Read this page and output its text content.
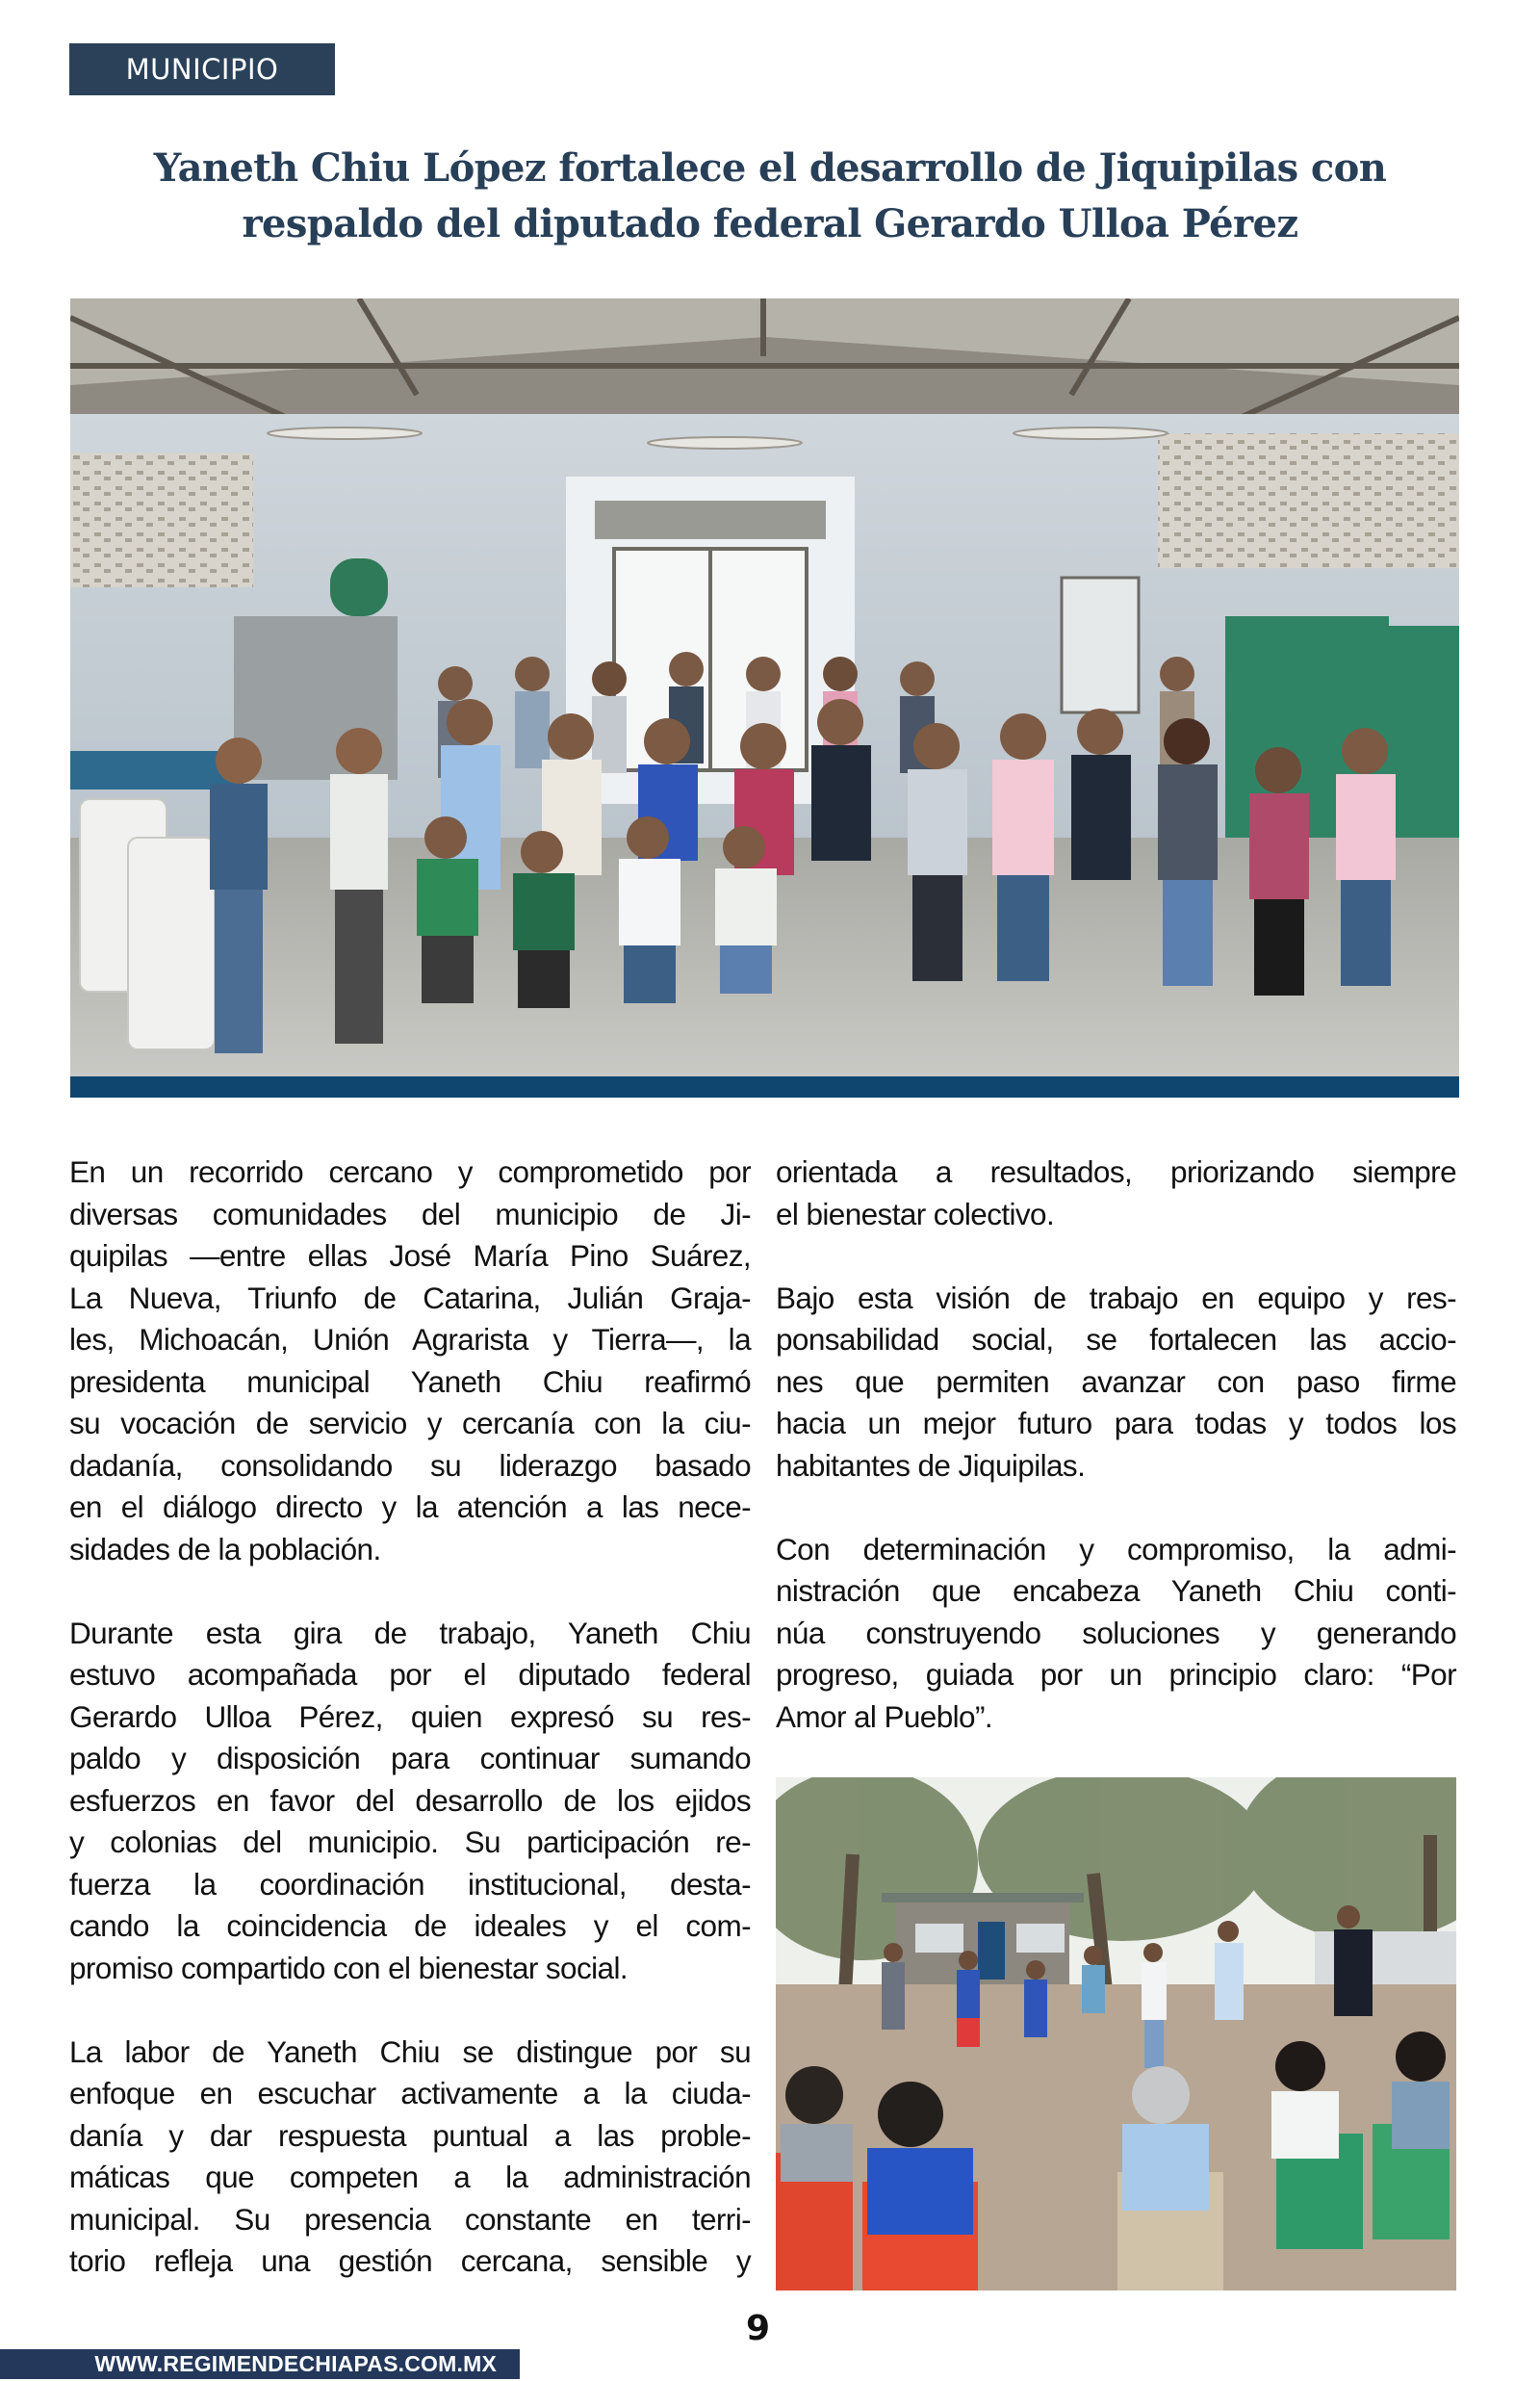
MUNICIPIO
Yaneth Chiu López fortalece el desarrollo de Jiquipilas con
respaldo del diputado federal Gerardo Ulloa Pérez

En un recorrido cercano y comprometido por
diversas comunidades del municipio de Ji-
quipilas —entre ellas José María Pino Suárez,
La Nueva, Triunfo de Catarina, Julián Graja-
les, Michoacán, Unión Agrarista y Tierra—, la
presidenta municipal Yaneth Chiu reafirmó
su vocación de servicio y cercanía con la ciu-
dadanía, consolidando su liderazgo basado
en el diálogo directo y la atención a las nece-
sidades de la población.

Durante esta gira de trabajo, Yaneth Chiu
estuvo acompañada por el diputado federal
Gerardo Ulloa Pérez, quien expresó su res-
paldo y disposición para continuar sumando
esfuerzos en favor del desarrollo de los ejidos
y colonias del municipio. Su participación re-
fuerza la coordinación institucional, desta-
cando la coincidencia de ideales y el com-
promiso compartido con el bienestar social.

La labor de Yaneth Chiu se distingue por su
enfoque en escuchar activamente a la ciuda-
danía y dar respuesta puntual a las proble-
máticas que competen a la administración
municipal. Su presencia constante en terri-
torio refleja una gestión cercana, sensible y

orientada a resultados, priorizando siempre
el bienestar colectivo.

Bajo esta visión de trabajo en equipo y res-
ponsabilidad social, se fortalecen las accio-
nes que permiten avanzar con paso firme
hacia un mejor futuro para todas y todos los
habitantes de Jiquipilas.

Con determinación y compromiso, la admi-
nistración que encabeza Yaneth Chiu conti-
núa construyendo soluciones y generando
progreso, guiada por un principio claro: “Por
Amor al Pueblo”.

9
WWW.REGIMENDECHIAPAS.COM.MX
